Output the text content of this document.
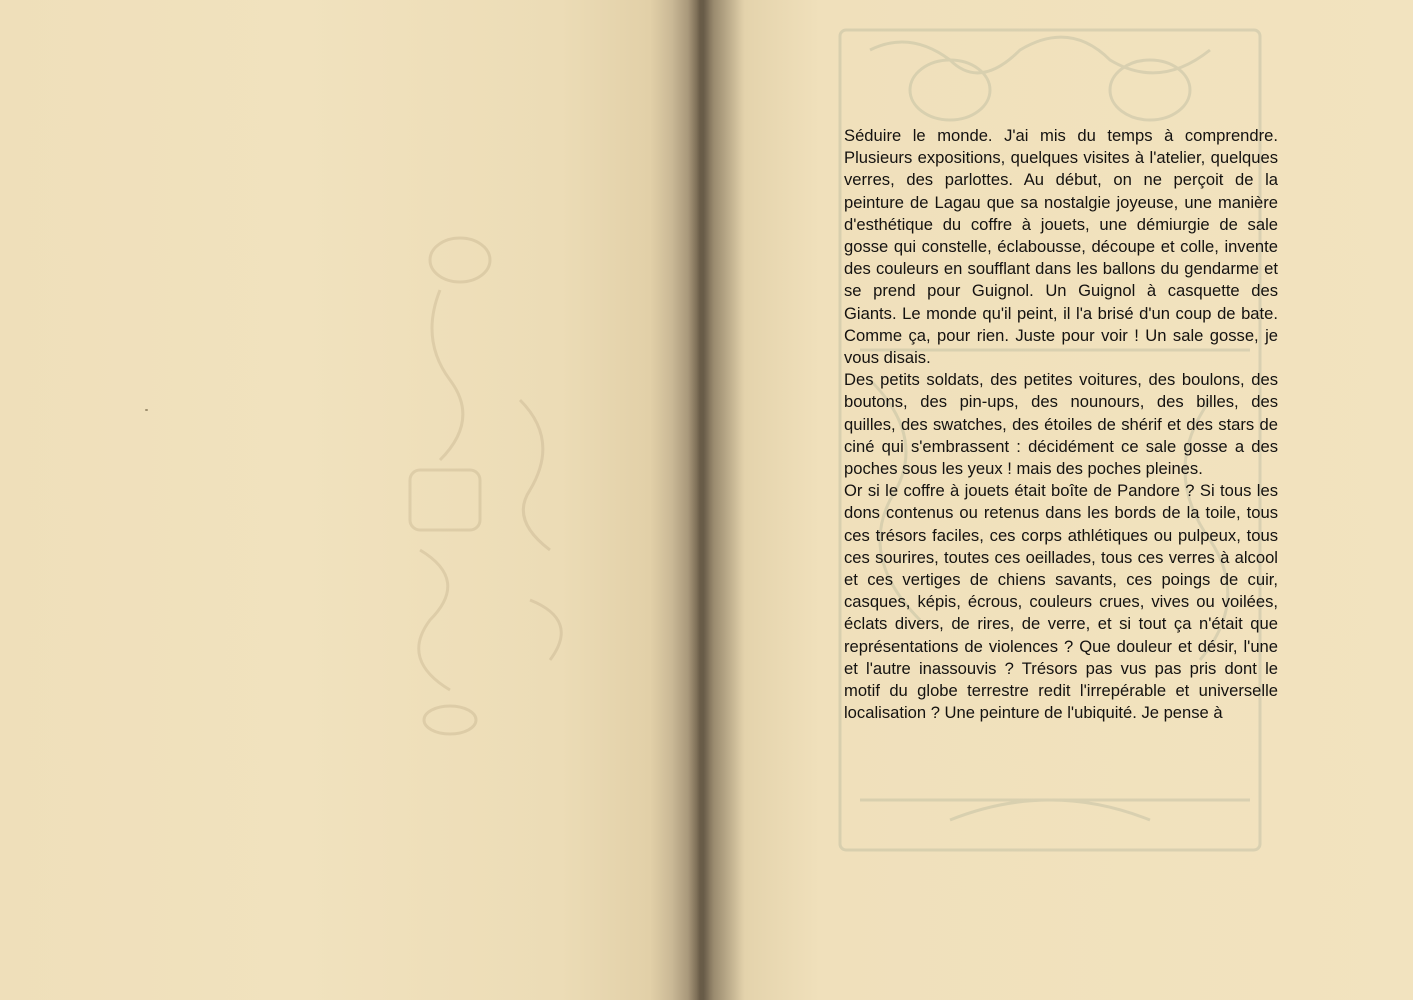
Séduire le monde. J'ai mis du temps à comprendre. Plusieurs expositions, quelques visites à l'atelier, quelques verres, des parlottes. Au début, on ne perçoit de la peinture de Lagau que sa nostalgie joyeuse, une manière d'esthétique du coffre à jouets, une démiurgie de sale gosse qui constelle, éclabousse, découpe et colle, invente des couleurs en soufflant dans les ballons du gendarme et se prend pour Guignol. Un Guignol à casquette des Giants. Le monde qu'il peint, il l'a brisé d'un coup de bate. Comme ça, pour rien. Juste pour voir ! Un sale gosse, je vous disais.

Des petits soldats, des petites voitures, des boulons, des boutons, des pin-ups, des nounours, des billes, des quilles, des swatches, des étoiles de shérif et des stars de ciné qui s'embrassent : décidément ce sale gosse a des poches sous les yeux ! mais des poches pleines.

Or si le coffre à jouets était boîte de Pandore ? Si tous les dons contenus ou retenus dans les bords de la toile, tous ces trésors faciles, ces corps athlétiques ou pulpeux, tous ces sourires, toutes ces oeillades, tous ces verres à alcool et ces vertiges de chiens savants, ces poings de cuir, casques, képis, écrous, couleurs crues, vives ou voilées, éclats divers, de rires, de verre, et si tout ça n'était que représentations de violences ? Que douleur et désir, l'une et l'autre inassouvis ? Trésors pas vus pas pris dont le motif du globe terrestre redit l'irrepérable et universelle localisation ? Une peinture de l'ubiquité. Je pense à
